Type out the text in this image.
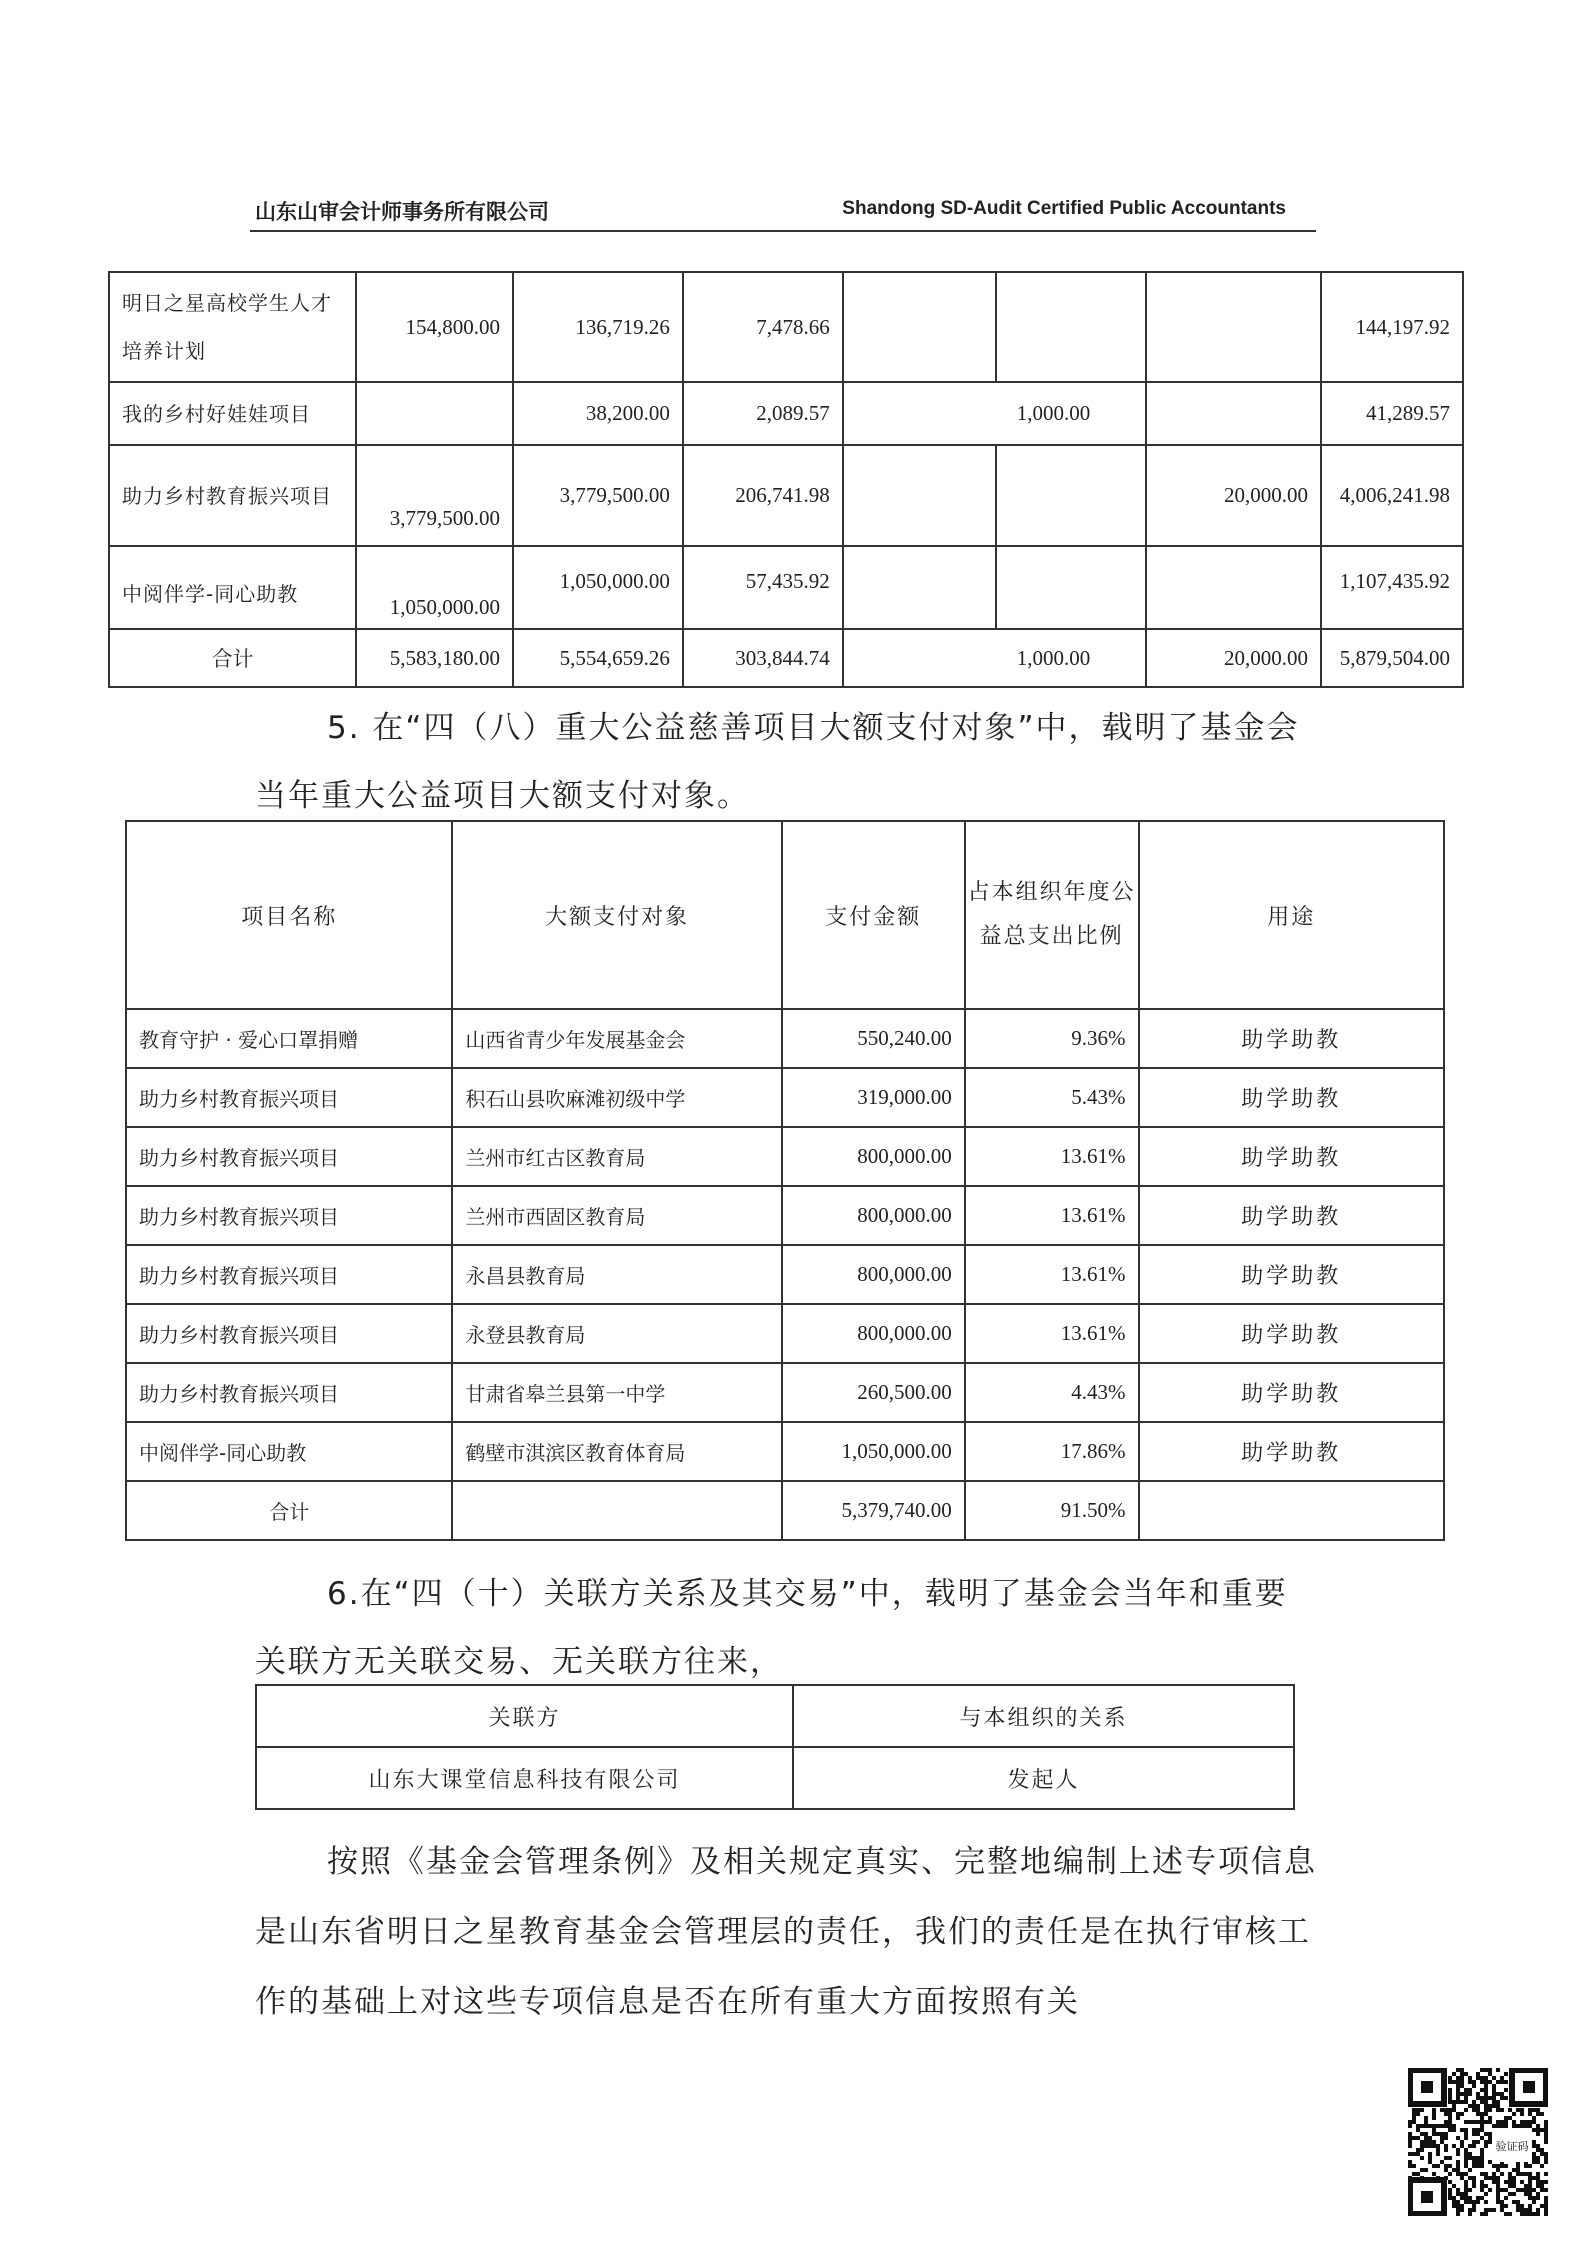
山东山审会计师事务所有限公司	Shandong SD-Audit Certified Public Accountants
明日之星高校学生人才 培养计划	154,800.00	136,719.26	7,478.66				144,197.92
我的乡村好娃娃项目		38,200.00	2,089.57	1,000.00			41,289.57
助力乡村教育振兴项目	3,779,500.00	3,779,500.00	206,741.98			20,000.00	4,006,241.98
中阅伴学-同心助教	1,050,000.00	1,050,000.00	57,435.92				1,107,435.92
合计	5,583,180.00	5,554,659.26	303,844.74	1,000.00		20,000.00	5,879,504.00
5. 在“四（八）重大公益慈善项目大额支付对象”中，载明了基金会当年重大公益项目大额支付对象。
项目名称	大额支付对象	支付金额	占本组织年度公益总支出比例	用途
教育守护 · 爱心口罩捐赠	山西省青少年发展基金会	550,240.00	9.36%	助学助教
助力乡村教育振兴项目	积石山县吹麻滩初级中学	319,000.00	5.43%	助学助教
助力乡村教育振兴项目	兰州市红古区教育局	800,000.00	13.61%	助学助教
助力乡村教育振兴项目	兰州市西固区教育局	800,000.00	13.61%	助学助教
助力乡村教育振兴项目	永昌县教育局	800,000.00	13.61%	助学助教
助力乡村教育振兴项目	永登县教育局	800,000.00	13.61%	助学助教
助力乡村教育振兴项目	甘肃省皋兰县第一中学	260,500.00	4.43%	助学助教
中阅伴学-同心助教	鹤壁市淇滨区教育体育局	1,050,000.00	17.86%	助学助教
合计		5,379,740.00	91.50%	
6.在“四（十）关联方关系及其交易”中，载明了基金会当年和重要关联方无关联交易、无关联方往来，
关联方	与本组织的关系
山东大课堂信息科技有限公司	发起人
按照《基金会管理条例》及相关规定真实、完整地编制上述专项信息是山东省明日之星教育基金会管理层的责任，我们的责任是在执行审核工作的基础上对这些专项信息是否在所有重大方面按照有关
验证码
